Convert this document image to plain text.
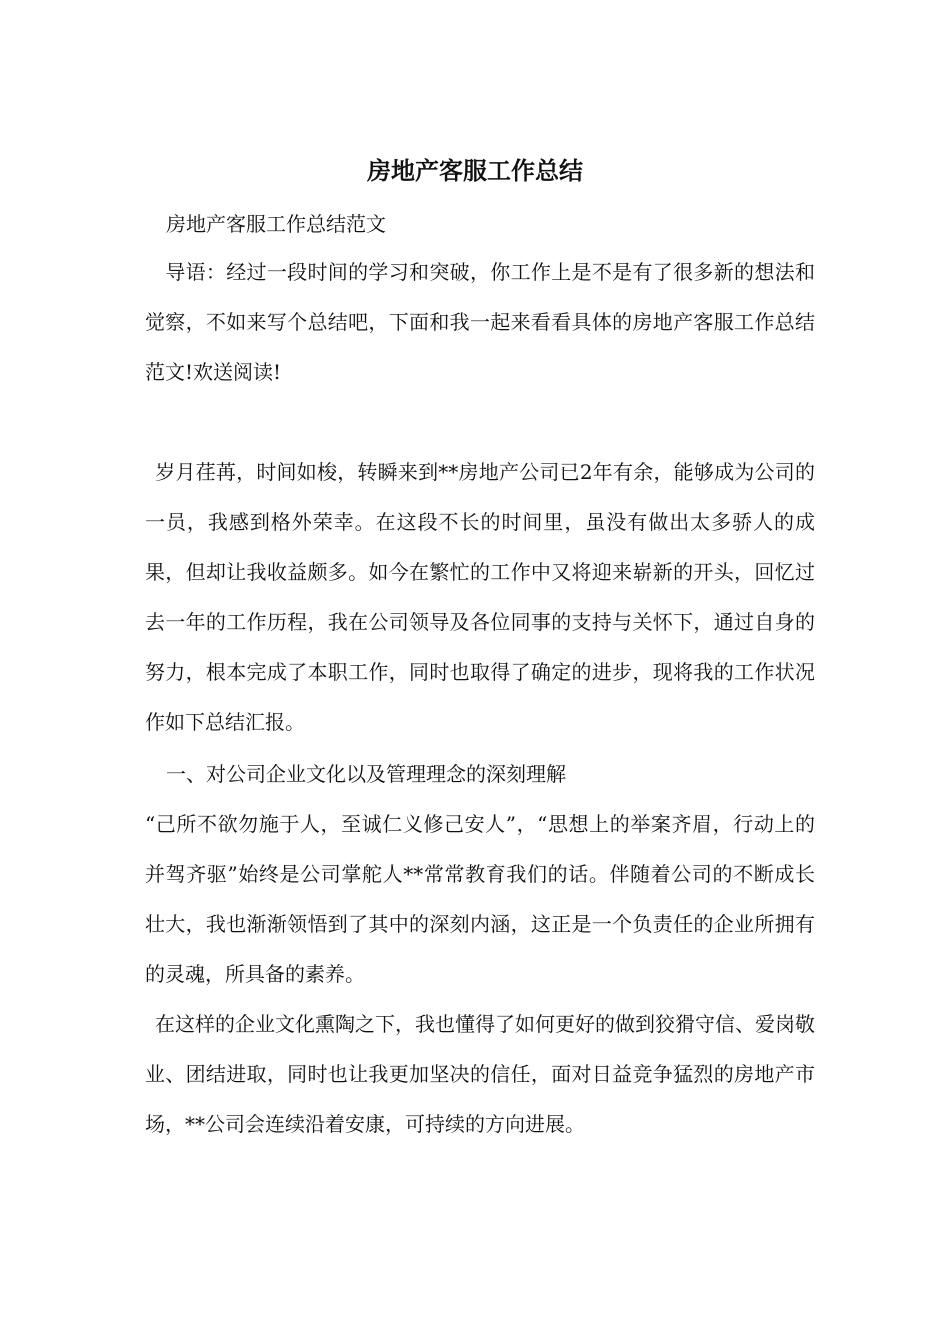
房地产客服工作总结

房地产客服工作总结范文

 导语：经过一段时间的学习和突破，你工作上是不是有了很多新的想法和觉察，不如来写个总结吧，下面和我一起来看看具体的房地产客服工作总结范文!欢送阅读!

 岁月荏苒，时间如梭，转瞬来到**房地产公司已2年有余，能够成为公司的一员，我感到格外荣幸。在这段不长的时间里，虽没有做出太多骄人的成果，但却让我收益颇多。如今在繁忙的工作中又将迎来崭新的开头，回忆过去一年的工作历程，我在公司领导及各位同事的支持与关怀下，通过自身的努力，根本完成了本职工作，同时也取得了确定的进步，现将我的工作状况作如下总结汇报。

一、对公司企业文化以及管理理念的深刻理解

“己所不欲勿施于人，至诚仁义修己安人”，“思想上的举案齐眉，行动上的并驾齐驱”始终是公司掌舵人**常常教育我们的话。伴随着公司的不断成长壮大，我也渐渐领悟到了其中的深刻内涵，这正是一个负责任的企业所拥有的灵魂，所具备的素养。

 在这样的企业文化熏陶之下，我也懂得了如何更好的做到狡猾守信、爱岗敬业、团结进取，同时也让我更加坚决的信任，面对日益竞争猛烈的房地产市场，**公司会连续沿着安康，可持续的方向进展。
